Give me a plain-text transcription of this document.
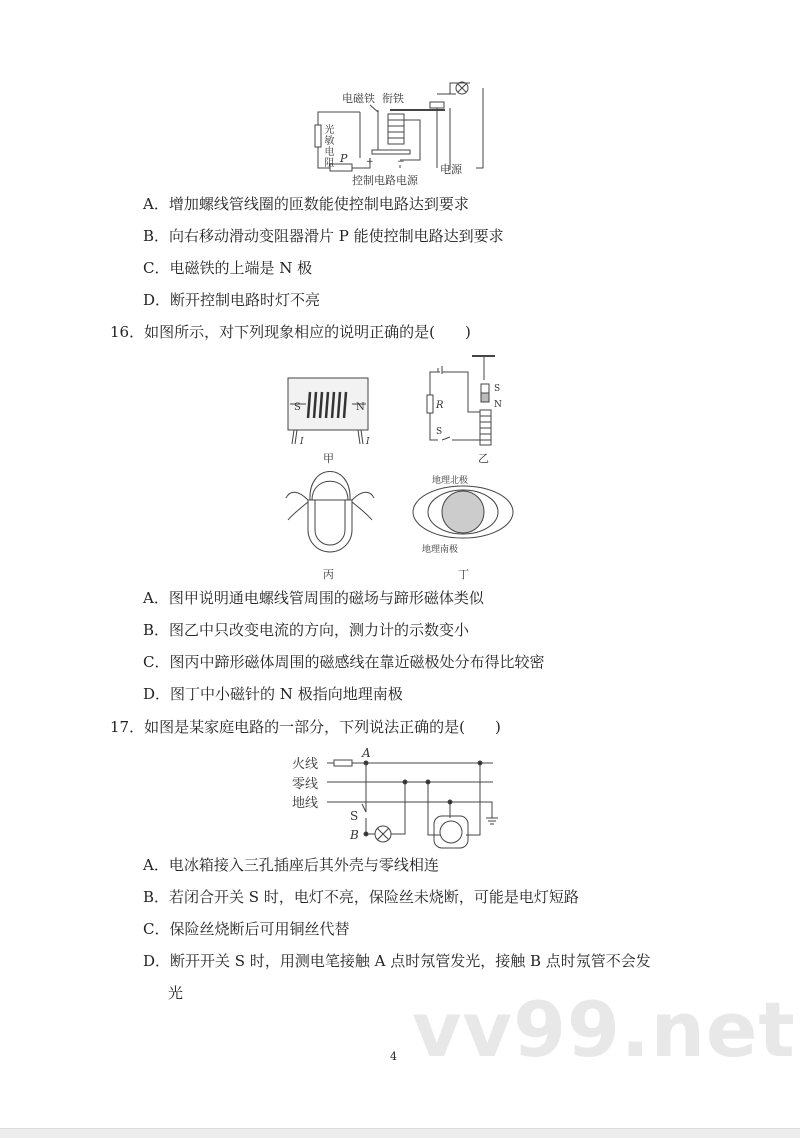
电磁铁 衔铁
P +	−
电源
控制电路电源
光敏电阻
A．增加螺线管线圈的匝数能使控制电路达到要求
B．向右移动滑动变阻器滑片 P 能使控制电路达到要求
C．电磁铁的上端是 N 极
D．断开控制电路时灯不亮
16．如图所示，对下列现象相应的说明正确的是(　　)
S	N
I	I
甲
S
N
R
S
乙
丙
地理北极
地理南极
丁
A．图甲说明通电螺线管周围的磁场与蹄形磁体类似
B．图乙中只改变电流的方向，测力计的示数变小
C．图丙中蹄形磁体周围的磁感线在靠近磁极处分布得比较密
D．图丁中小磁针的 N 极指向地理南极
17．如图是某家庭电路的一部分，下列说法正确的是(　　)
火线
零线
地线
A
S
B
A．电冰箱接入三孔插座后其外壳与零线相连
B．若闭合开关 S 时，电灯不亮，保险丝未烧断，可能是电灯短路
C．保险丝烧断后可用铜丝代替
D．断开开关 S 时，用测电笔接触 A 点时氖管发光，接触 B 点时氖管不会发
光	vv99.net
4
